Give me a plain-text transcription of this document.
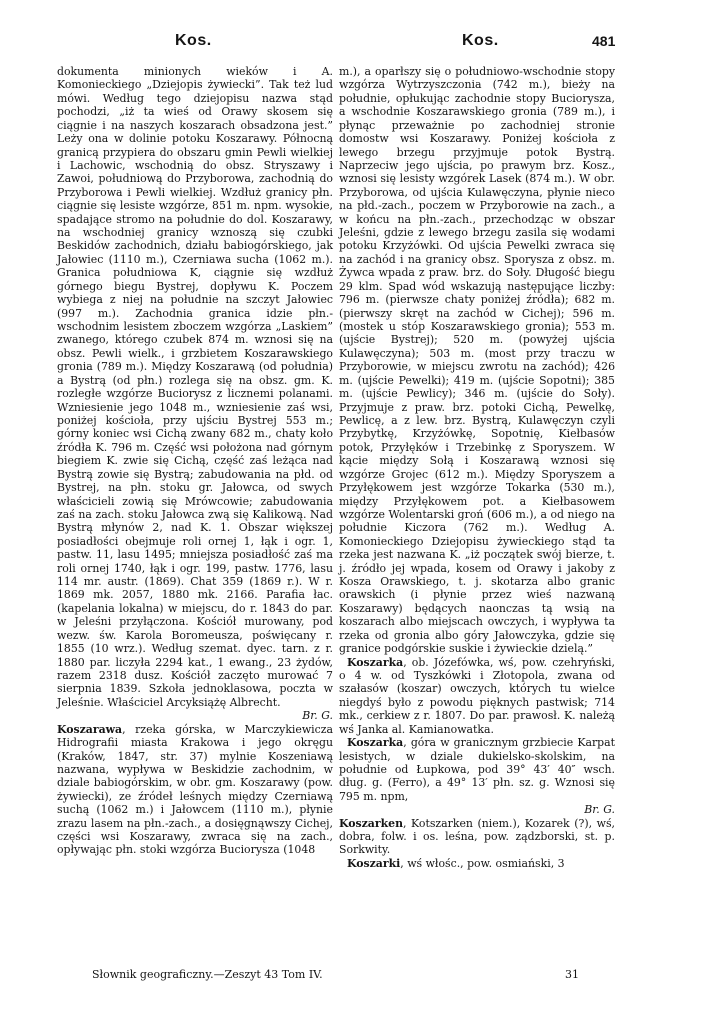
Kos.	Kos.	481

dokumenta minionych wieków i A. Komonieckiego „Dziejopis żywiecki”. Tak też lud mówi. Według tego dziejopisu nazwa stąd pochodzi, „iż ta wieś od Orawy skosem się ciągnie i na naszych koszarach obsadzona jest.” Leży ona w dolinie potoku Koszarawy. Północną granicą przypiera do obszaru gmin Pewli wielkiej i Lachowic, wschodnią do obsz. Stryszawy i Zawoi, południową do Przyborowa, zachodnią do Przyborowa i Pewli wielkiej. Wzdłuż granicy płn. ciągnie się lesiste wzgórze, 851 m. npm. wysokie, spadające stromo na południe do dol. Koszarawy, na wschodniej granicy wznoszą się czubki Beskidów zachodnich, działu babiogórskiego, jak Jałowiec (1110 m.), Czerniawa sucha (1062 m.). Granica południowa K, ciągnie się wzdłuż górnego biegu Bystrej, dopływu K. Poczem wybiega z niej na południe na szczyt Jałowiec (997 m.). Zachodnia granica idzie płn.-wschodnim lesistem zboczem wzgórza „Laskiem” zwanego, którego czubek 874 m. wznosi się na obsz. Pewli wielk., i grzbietem Koszarawskiego gronia (789 m.). Między Koszarawą (od południa) a Bystrą (od płn.) rozlega się na obsz. gm. K. rozległe wzgórze Buciorysz z licznemi polanami. Wzniesienie jego 1048 m., wzniesienie zaś wsi, poniżej kościoła, przy ujściu Bystrej 553 m.; górny koniec wsi Cichą zwany 682 m., chaty koło źródła K. 796 m. Część wsi położona nad górnym biegiem K. zwie się Cichą, część zaś leżąca nad Bystrą zowie się Bystrą; zabudowania na płd. od Bystrej, na płn. stoku gr. Jałowca, od swych właścicieli zowią się Mrówcowie; zabudowania zaś na zach. stoku Jałowca zwą się Kalikową. Nad Bystrą młynów 2, nad K. 1. Obszar większej posiadłości obejmuje roli ornej 1, łąk i ogr. 1, pastw. 11, lasu 1495; mniejsza posiadłość zaś ma roli ornej 1740, łąk i ogr. 199, pastw. 1776, lasu 114 mr. austr. (1869). Chat 359 (1869 r.). W r. 1869 mk. 2057, 1880 mk. 2166. Parafia łac. (kapelania lokalna) w miejscu, do r. 1843 do par. w Jeleśni przyłączona. Kościół murowany, pod wezw. św. Karola Boromeusza, poświęcany r. 1855 (10 wrz.). Według szemat. dyec. tarn. z r. 1880 par. liczyła 2294 kat., 1 ewang., 23 żydów, razem 2318 dusz. Kościół zaczęto murować 7 sierpnia 1839. Szkoła jednoklasowa, poczta w Jeleśnie. Właściciel Arcyksiążę Albrecht.

Br. G.

Koszarawa, rzeka górska, w Marczykiewicza Hidrografii miasta Krakowa i jego okręgu (Kraków, 1847, str. 37) mylnie Koszeniawą nazwana, wypływa w Beskidzie zachodnim, w dziale babiogórskim, w obr. gm. Koszarawy (pow. żywiecki), ze źródeł leśnych między Czerniawą suchą (1062 m.) i Jałowcem (1110 m.), płynie zrazu lasem na płn.-zach., a dosięgnąwszy Cichej, części wsi Koszarawy, zwraca się na zach., opływając płn. stoki wzgórza Buciorysza (1048

m.), a oparłszy się o południowo-wschodnie stopy wzgórza Wytrzyszczonia (742 m.), bieży na południe, opłukując zachodnie stopy Buciorysza, a wschodnie Koszarawskiego gronia (789 m.), i płynąc przeważnie po zachodniej stronie domostw wsi Koszarawy. Poniżej kościoła z lewego brzegu przyjmuje potok Bystrą. Naprzeciw jego ujścia, po prawym brz. Kosz., wznosi się lesisty wzgórek Lasek (874 m.). W obr. Przyborowa, od ujścia Kulawęczyna, płynie nieco na płd.-zach., poczem w Przyborowie na zach., a w końcu na płn.-zach., przechodząc w obszar Jeleśni, gdzie z lewego brzegu zasila się wodami potoku Krzyżówki. Od ujścia Pewelki zwraca się na zachód i na granicy obsz. Sporysza z obsz. m. Żywca wpada z praw. brz. do Soły. Długość biegu 29 klm. Spad wód wskazują następujące liczby: 796 m. (pierwsze chaty poniżej źródła); 682 m. (pierwszy skręt na zachód w Cichej); 596 m. (mostek u stóp Koszarawskiego gronia); 553 m. (ujście Bystrej); 520 m. (powyżej ujścia Kulawęczyna); 503 m. (most przy traczu w Przyborowie, w miejscu zwrotu na zachód); 426 m. (ujście Pewelki); 419 m. (ujście Sopotni); 385 m. (ujście Pewlicy); 346 m. (ujście do Soły). Przyjmuje z praw. brz. potoki Cichą, Pewelkę, Pewlicę, a z lew. brz. Bystrą, Kulawęczyn czyli Przybytkę, Krzyżówkę, Sopotnię, Kiełbasów potok, Przyłęków i Trzebinkę z Sporyszem. W kącie między Sołą i Koszarawą wznosi się wzgórze Grojec (612 m.). Między Sporyszem a Przyłękowem jest wzgórze Tokarka (530 m.), między Przyłękowem pot. a Kiełbasowem wzgórze Wolentarski groń (606 m.), a od niego na południe Kiczora (762 m.). Według A. Komonieckiego Dziejopisu żywieckiego stąd ta rzeka jest nazwana K. „iż początek swój bierze, t. j. źródło jej wpada, kosem od Orawy i jakoby z Kosza Orawskiego, t. j. skotarza albo granic orawskich (i płynie przez wieś nazwaną Koszarawy) będących naonczas tą wsią na koszarach albo miejscach owczych, i wypływa ta rzeka od gronia albo góry Jałowczyka, gdzie się granice podgórskie suskie i żywieckie dzielą.”

Koszarka, ob. Józefówka, wś, pow. czehryński, o 4 w. od Tyszkówki i Złotopola, zwana od szałasów (koszar) owczych, których tu wielce niegdyś było z powodu pięknych pastwisk; 714 mk., cerkiew z r. 1807. Do par. prawosł. K. należą wś Janka al. Kamianowatka.

Koszarka, góra w granicznym grzbiecie Karpat lesistych, w dziale dukielsko-skolskim, na południe od Łupkowa, pod 39° 43′ 40″ wsch. dług. g. (Ferro), a 49° 13′ płn. sz. g. Wznosi się 795 m. npm,

Br. G.

Koszarken, Kotszarken (niem.), Kozarek (?), wś, dobra, folw. i os. leśna, pow. ządzborski, st. p. Sorkwity.

Koszarki, wś włośc., pow. osmiański, 3

Słownik geograficzny.—Zeszyt 43 Tom IV.	31
